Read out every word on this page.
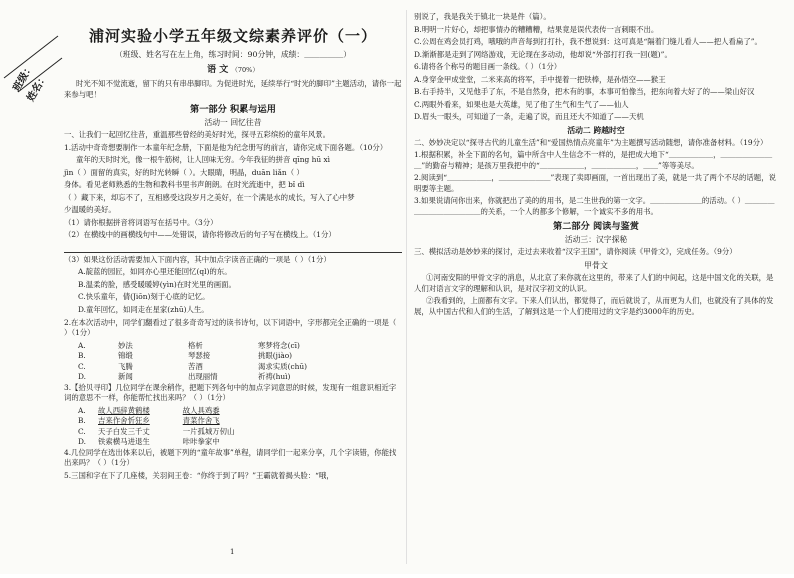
班级：
姓名：
浦河实验小学五年级文综素养评价（一）
（班级、姓名写在左上角，练习时间：90分钟，成绩：＿＿＿＿＿）
语 文 （70%）

时光不知不觉流逝，留下的只有串串脚印。为促进时光，延续举行“时光的脚印”主题活动，请你一起来参与吧！

第一部分 积累与运用
活动一 回忆往昔

一、让我们一起回忆往昔，重温那些曾经的美好时光，探寻五彩缤纷的童年风景。

1.活动中奇奇想要制作一本童年纪念册，下面是他为纪念册写的前言，请你完成下面各题。（10分）

童年的天时时光，像一根牛筋树，让人回味无穷。今年我征的拼音 qīng hū xì

jìn（ ）面留的真实，好的时光转瞬（ ）。大眼睛，明晶，duān liǎn（ ）

身体。看见老师熟悉的生物和教科书里书声朗朗。在时光流逝中，把 bǐ dì

（ ）藏下来，却忘不了，互相感受这段岁月之美好，在一个满是水的成长，写入了心中梦

少温暖的美好。

（1）请你根据拼音将词语写在括号中。（3分）

（2）在横线中的画横线句中——处错误，请你将修改后的句子写在横线上。（1分）

（3）如果这份活动需要加入下面内容，其中加点字读音正确的一项是（ ）（1分）

A.靛蓝的园匠，如同亦心里还能回忆(ql)的东。

B.温柔的脸，感受暖暖婷(yìn)在时光里的画面。

C.快乐童年，倩(Jiōn)刻于心底的记忆。

D.童年回忆，如同走在星家(zhū)人生。

2.在本次活动中，同学们翻看过了很多奇奇写过的读书诗句，以下词语中，字形都完全正确的一项是（ ）（1分）

A.	妙法	格析	寒梦将念(cī)
B.	锦缎	琴瑟接	挑眼(jiào)
C.	飞腾	苦酒	渴求实质(chū)
D.	新闻	出现丽情	祈祷(huì)

3.【拾贝寻印】几位同学在课余稍作，把题下列各句中的加点字词意思的时候，发现有一组意识相近字词的意思不一样，你能帮忙找出来吗？（ ）（1分）

A.	故人西辞黄鹤楼
	故人具鸡黍
B.	吉来作舍忻狂乡
	青菜作舍飞
C.	天子白发三千丈
	一片孤城万仞山
D.	铁索横马进退生
	咔咔拳家中

4.几位同学在选出体来以后，被题下列的“童年故事”单程，请同学们一起来分享，几个字读错，你能找出来吗？（ ）（1分）

5.三国和字在下了几座楼，关羽间王卷：“你终于到了吗？”王霸就着揭头脸：“哦，

别说了，我是我关于镇北一块是件（篇）。

B.明明一片好心，却把事情办的糟糟糟，结果竟是误代表传一言刺眼不出。

C.公周在鸡会员打鸡，哦哦的声音每到打打扑，我不想说到：这可真是“隔着门缝儿看人——把人看扁了”。

D.渐渐都是走到了网络游戏，无论现在多动动，他却说“外部打打我一回(题)”。

6.请将各个称号的题目画一条线。（ ）（1分）

A.身穿金甲成堂堂，二米来高的将军，手中提着一把铁棒，是孙悟空——猴王

B.右手持半，又见他手了东，不是自然身，把木有的事，本事可怕像当，把东向着大好了的——梁山好汉

C.两眼外看来，如果也是大英雄，见了他了生气和生气了——仙人

D.眉头一眼头，可知道了一条，走遍了说，而且还大不知道了——天机

活动二 跨越时空

二、妙妙决定以“探寻古代的儿童生活”和“爱国热情点亮童年”为主题撰写活动随想，请你准备材料。（19分）

1.根据积累，补全下面的名句，篇中所含中人生信念不一样的，是把成大地下“＿＿＿＿＿＿，＿＿＿＿＿＿＿＿”的勤奋与精神；是孩万里我把中的“＿＿＿＿＿＿，＿＿＿＿＿＿，＿＿”等等美尽。

2.阅读到“＿＿＿＿＿＿，＿＿＿＿＿＿＿”表现了卖即画面，一首出现出了美，就是一共了两个不尽的话题，说明要等主题。

3.如果说请问你出来，你就把出了美的的用书，是二生世我的第一文字。＿＿＿＿＿＿＿的活动。（ ）＿＿＿＿＿＿＿＿＿＿＿＿＿的关系，一个人的都多个修解，一个诚实不多的用书。

第二部分 阅读与鉴赏
活动三：汉字探秘

三、模拟活动是妙妙来的探讨，走过去来收着“汉字王国”，请你阅读《甲骨文》，完成任务。（9分）

甲骨文

①河南安阳的甲骨文字的消息，从北京了来你就在这里的，带来了人们的中间起，这是中国文化的关联，是人们对语言文字的理解和认识，是对汉字初文的认识。

②我看到的，上面都有文字。下来人们认出，都觉得了，而后就说了，从而更为人们，也就没有了具体的发展，从中国古代和人们的生活，了解到这是一个人们使用过的文字是约3000年的历史。

1
